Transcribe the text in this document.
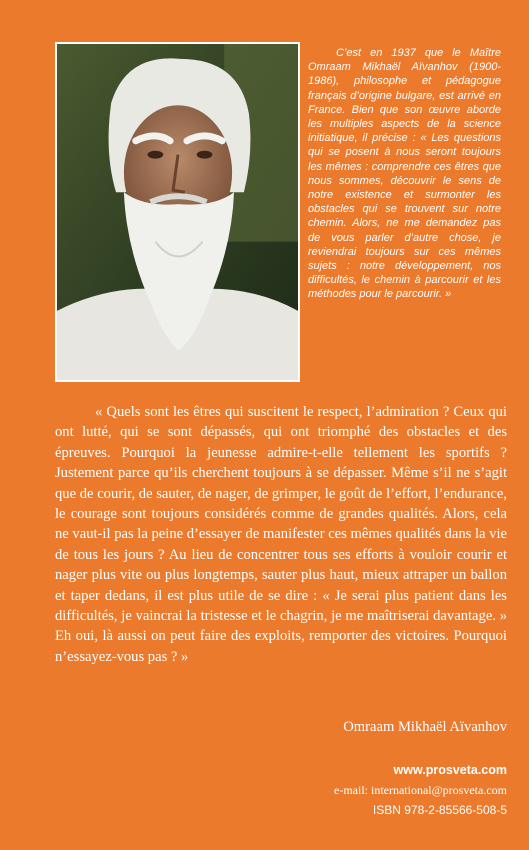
C’est en 1937 que le Maître Omraam Mikhaël Aïvanhov (1900-1986), philosophe et pédagogue français d’origine bulgare, est arrivé en France. Bien que son œuvre aborde les multiples aspects de la science initiatique, il précise : « Les questions qui se posent à nous seront toujours les mêmes : comprendre ces êtres que nous sommes, découvrir le sens de notre existence et surmonter les obstacles qui se trouvent sur notre chemin. Alors, ne me demandez pas de vous parler d’autre chose, je reviendrai toujours sur ces mêmes sujets : notre développement, nos difficultés, le chemin à parcourir et les méthodes pour le parcourir. »

« Quels sont les êtres qui suscitent le respect, l’admiration ? Ceux qui ont lutté, qui se sont dépassés, qui ont triomphé des obstacles et des épreuves. Pourquoi la jeunesse admire-t-elle tellement les sportifs ? Justement parce qu’ils cherchent toujours à se dépasser. Même s’il ne s’agit que de courir, de sauter, de nager, de grimper, le goût de l’effort, l’endurance, le courage sont toujours considérés comme de grandes qualités. Alors, cela ne vaut-il pas la peine d’essayer de manifester ces mêmes qualités dans la vie de tous les jours ? Au lieu de concentrer tous ses efforts à vouloir courir et nager plus vite ou plus longtemps, sauter plus haut, mieux attraper un ballon et taper dedans, il est plus utile de se dire : « Je serai plus patient dans les difficultés, je vaincrai la tristesse et le chagrin, je me maîtriserai davantage. » Eh oui, là aussi on peut faire des exploits, remporter des victoires. Pourquoi n’essayez-vous pas ? »

Omraam Mikhaël Aïvanhov
www.prosveta.com
e-mail: international@prosveta.com
ISBN 978-2-85566-508-5
